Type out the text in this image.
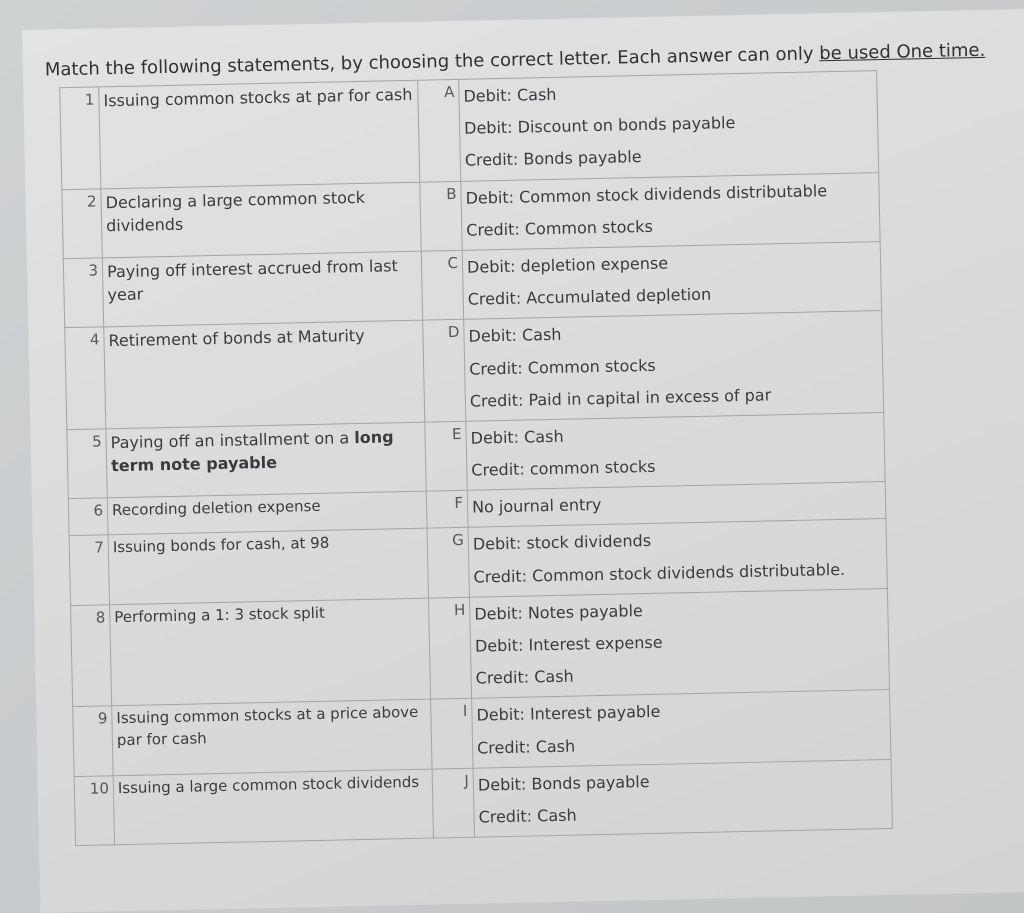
Match the following statements, by choosing the correct letter. Each answer can only be used One time.
1	Issuing common stocks at par for cash	A	Debit: Cash
Debit: Discount on bonds payable
Credit: Bonds payable

2	Declaring a large common stock dividends	B	Debit: Common stock dividends distributable
Credit: Common stocks

3	Paying off interest accrued from last year	C	Debit: depletion expense
Credit: Accumulated depletion

4	Retirement of bonds at Maturity	D	Debit: Cash
Credit: Common stocks
Credit: Paid in capital in excess of par

5	Paying off an installment on a long term note payable	E	Debit: Cash
Credit: common stocks

6	Recording deletion expense	F	No journal entry

7	Issuing bonds for cash, at 98	G	Debit: stock dividends
Credit: Common stock dividends distributable.

8	Performing a 1: 3 stock split	H	Debit: Notes payable
Debit: Interest expense
Credit: Cash

9	Issuing common stocks at a price above par for cash	I	Debit: Interest payable
Credit: Cash

10	Issuing a large common stock dividends	J	Debit: Bonds payable
Credit: Cash
